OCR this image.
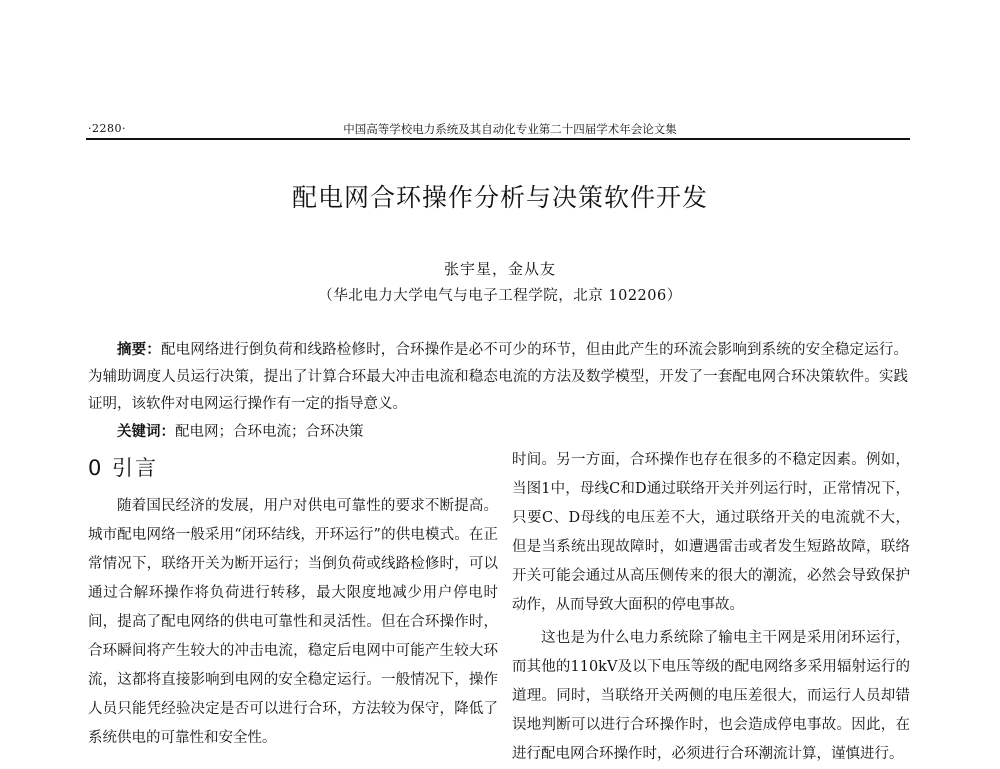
·2280·	中国高等学校电力系统及其自动化专业第二十四届学术年会论文集
配电网合环操作分析与决策软件开发
张宇星，金从友
（华北电力大学电气与电子工程学院，北京 102206）
摘要：配电网络进行倒负荷和线路检修时，合环操作是必不可少的环节，但由此产生的环流会影响到系统的安全稳定运行。为辅助调度人员运行决策，提出了计算合环最大冲击电流和稳态电流的方法及数学模型，开发了一套配电网合环决策软件。实践证明，该软件对电网运行操作有一定的指导意义。
关键词：配电网；合环电流；合环决策
0 引言
随着国民经济的发展，用户对供电可靠性的要求不断提高。城市配电网络一般采用“闭环结线，开环运行”的供电模式。在正常情况下，联络开关为断开运行；当倒负荷或线路检修时，可以通过合解环操作将负荷进行转移，最大限度地减少用户停电时间，提高了配电网络的供电可靠性和灵活性。但在合环操作时，合环瞬间将产生较大的冲击电流，稳定后电网中可能产生较大环流，这都将直接影响到电网的安全稳定运行。一般情况下，操作人员只能凭经验决定是否可以进行合环，方法较为保守，降低了系统供电的可靠性和安全性。

时间。另一方面，合环操作也存在很多的不稳定因素。例如，当图1中，母线C和D通过联络开关并列运行时，正常情况下，只要C、D母线的电压差不大，通过联络开关的电流就不大，但是当系统出现故障时，如遭遇雷击或者发生短路故障，联络开关可能会通过从高压侧传来的很大的潮流，必然会导致保护动作，从而导致大面积的停电事故。

这也是为什么电力系统除了输电主干网是采用闭环运行，而其他的110kV及以下电压等级的配电网络多采用辐射运行的道理。同时，当联络开关两侧的电压差很大，而运行人员却错误地判断可以进行合环操作时，也会造成停电事故。因此，在进行配电网合环操作时，必须进行合环潮流计算，谨慎进行。
